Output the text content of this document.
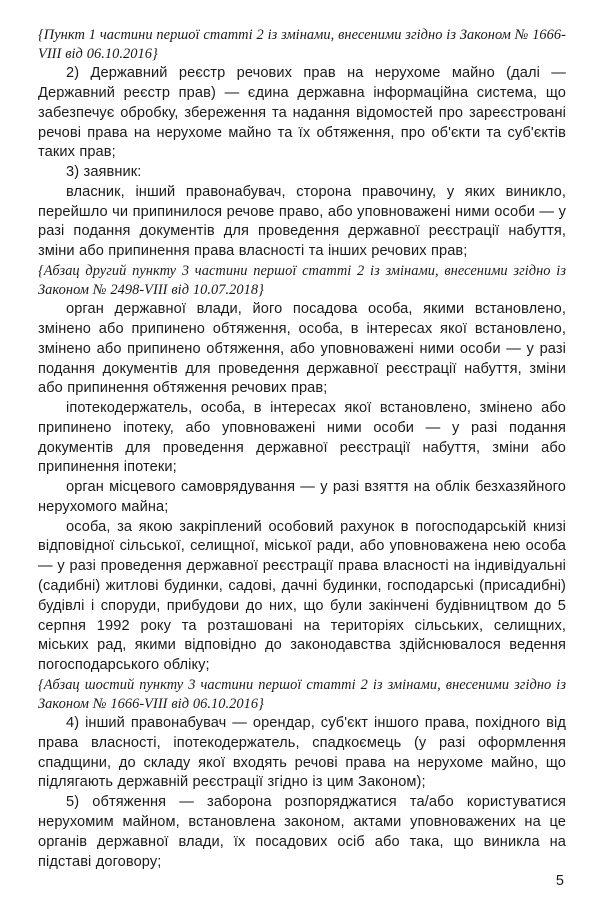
{Пункт 1 частини першої статті 2 із змінами, внесеними згідно із Законом № 1666-VIII від 06.10.2016}

2) Державний реєстр речових прав на нерухоме майно (далі — Державний реєстр прав) — єдина державна інформаційна система, що забезпечує обробку, збереження та надання відомостей про зареєстровані речові права на нерухоме майно та їх обтяження, про об'єкти та суб'єктів таких прав;

3) заявник:

власник, інший правонабувач, сторона правочину, у яких виникло, перейшло чи припинилося речове право, або уповноважені ними особи — у разі подання документів для проведення державної реєстрації набуття, зміни або припинення права власності та інших речових прав;

{Абзац другий пункту 3 частини першої статті 2 із змінами, внесеними згідно із Законом № 2498-VIII від 10.07.2018}

орган державної влади, його посадова особа, якими встановлено, змінено або припинено обтяження, особа, в інтересах якої встановлено, змінено або припинено обтяження, або уповноважені ними особи — у разі подання документів для проведення державної реєстрації набуття, зміни або припинення обтяження речових прав;

іпотекодержатель, особа, в інтересах якої встановлено, змінено або припинено іпотеку, або уповноважені ними особи — у разі подання документів для проведення державної реєстрації набуття, зміни або припинення іпотеки;

орган місцевого самоврядування — у разі взяття на облік безхазяйного нерухомого майна;

особа, за якою закріплений особовий рахунок в погосподарській книзі відповідної сільської, селищної, міської ради, або уповноважена нею особа — у разі проведення державної реєстрації права власності на індивідуальні (садибні) житлові будинки, садові, дачні будинки, господарські (присадибні) будівлі і споруди, прибудови до них, що були закінчені будівництвом до 5 серпня 1992 року та розташовані на територіях сільських, селищних, міських рад, якими відповідно до законодавства здійснювалося ведення погосподарського обліку;

{Абзац шостий пункту 3 частини першої статті 2 із змінами, внесеними згідно із Законом № 1666-VIII від 06.10.2016}

4) інший правонабувач — орендар, суб'єкт іншого права, похідного від права власності, іпотекодержатель, спадкоємець (у разі оформлення спадщини, до складу якої входять речові права на нерухоме майно, що підлягають державній реєстрації згідно із цим Законом);

5) обтяження — заборона розпоряджатися та/або користуватися нерухомим майном, встановлена законом, актами уповноважених на це органів державної влади, їх посадових осіб або така, що виникла на підставі договору;

5
